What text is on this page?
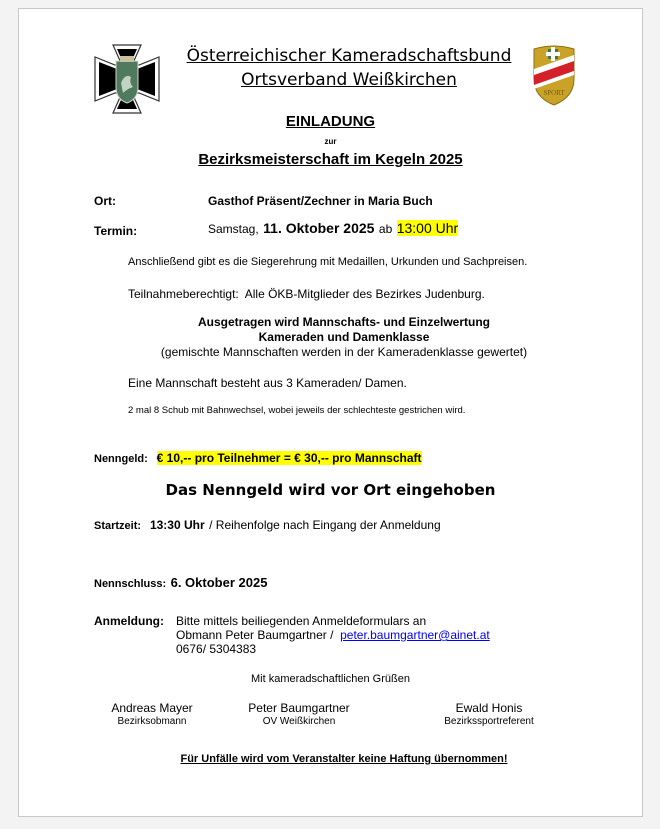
Österreichischer Kameradschaftsbund
Ortsverband Weißkirchen
SPORT
EINLADUNG
zur
Bezirksmeisterschaft im Kegeln 2025
Ort:	Gasthof Präsent/Zechner in Maria Buch
Termin:	Samstag, 11. Oktober 2025 ab 13:00 Uhr
Anschließend gibt es die Siegerehrung mit Medaillen, Urkunden und Sachpreisen.
Teilnahmeberechtigt: Alle ÖKB-Mitglieder des Bezirkes Judenburg.
Ausgetragen wird Mannschafts- und Einzelwertung
Kameraden und Damenklasse
(gemischte Mannschaften werden in der Kameradenklasse gewertet)
Eine Mannschaft besteht aus 3 Kameraden/ Damen.
2 mal 8 Schub mit Bahnwechsel, wobei jeweils der schlechteste gestrichen wird.
Nenngeld: € 10,-- pro Teilnehmer = € 30,-- pro Mannschaft
Das Nenngeld wird vor Ort eingehoben
Startzeit: 13:30 Uhr / Reihenfolge nach Eingang der Anmeldung
Nennschluss: 6. Oktober 2025
Anmeldung: Bitte mittels beiliegenden Anmeldeformulars an
Obmann Peter Baumgartner / peter.baumgartner@ainet.at
0676/ 5304383
Mit kameradschaftlichen Grüßen
Andreas Mayer
Bezirksobmann
Peter Baumgartner
OV Weißkirchen
Ewald Honis
Bezirkssportreferent
Für Unfälle wird vom Veranstalter keine Haftung übernommen!
